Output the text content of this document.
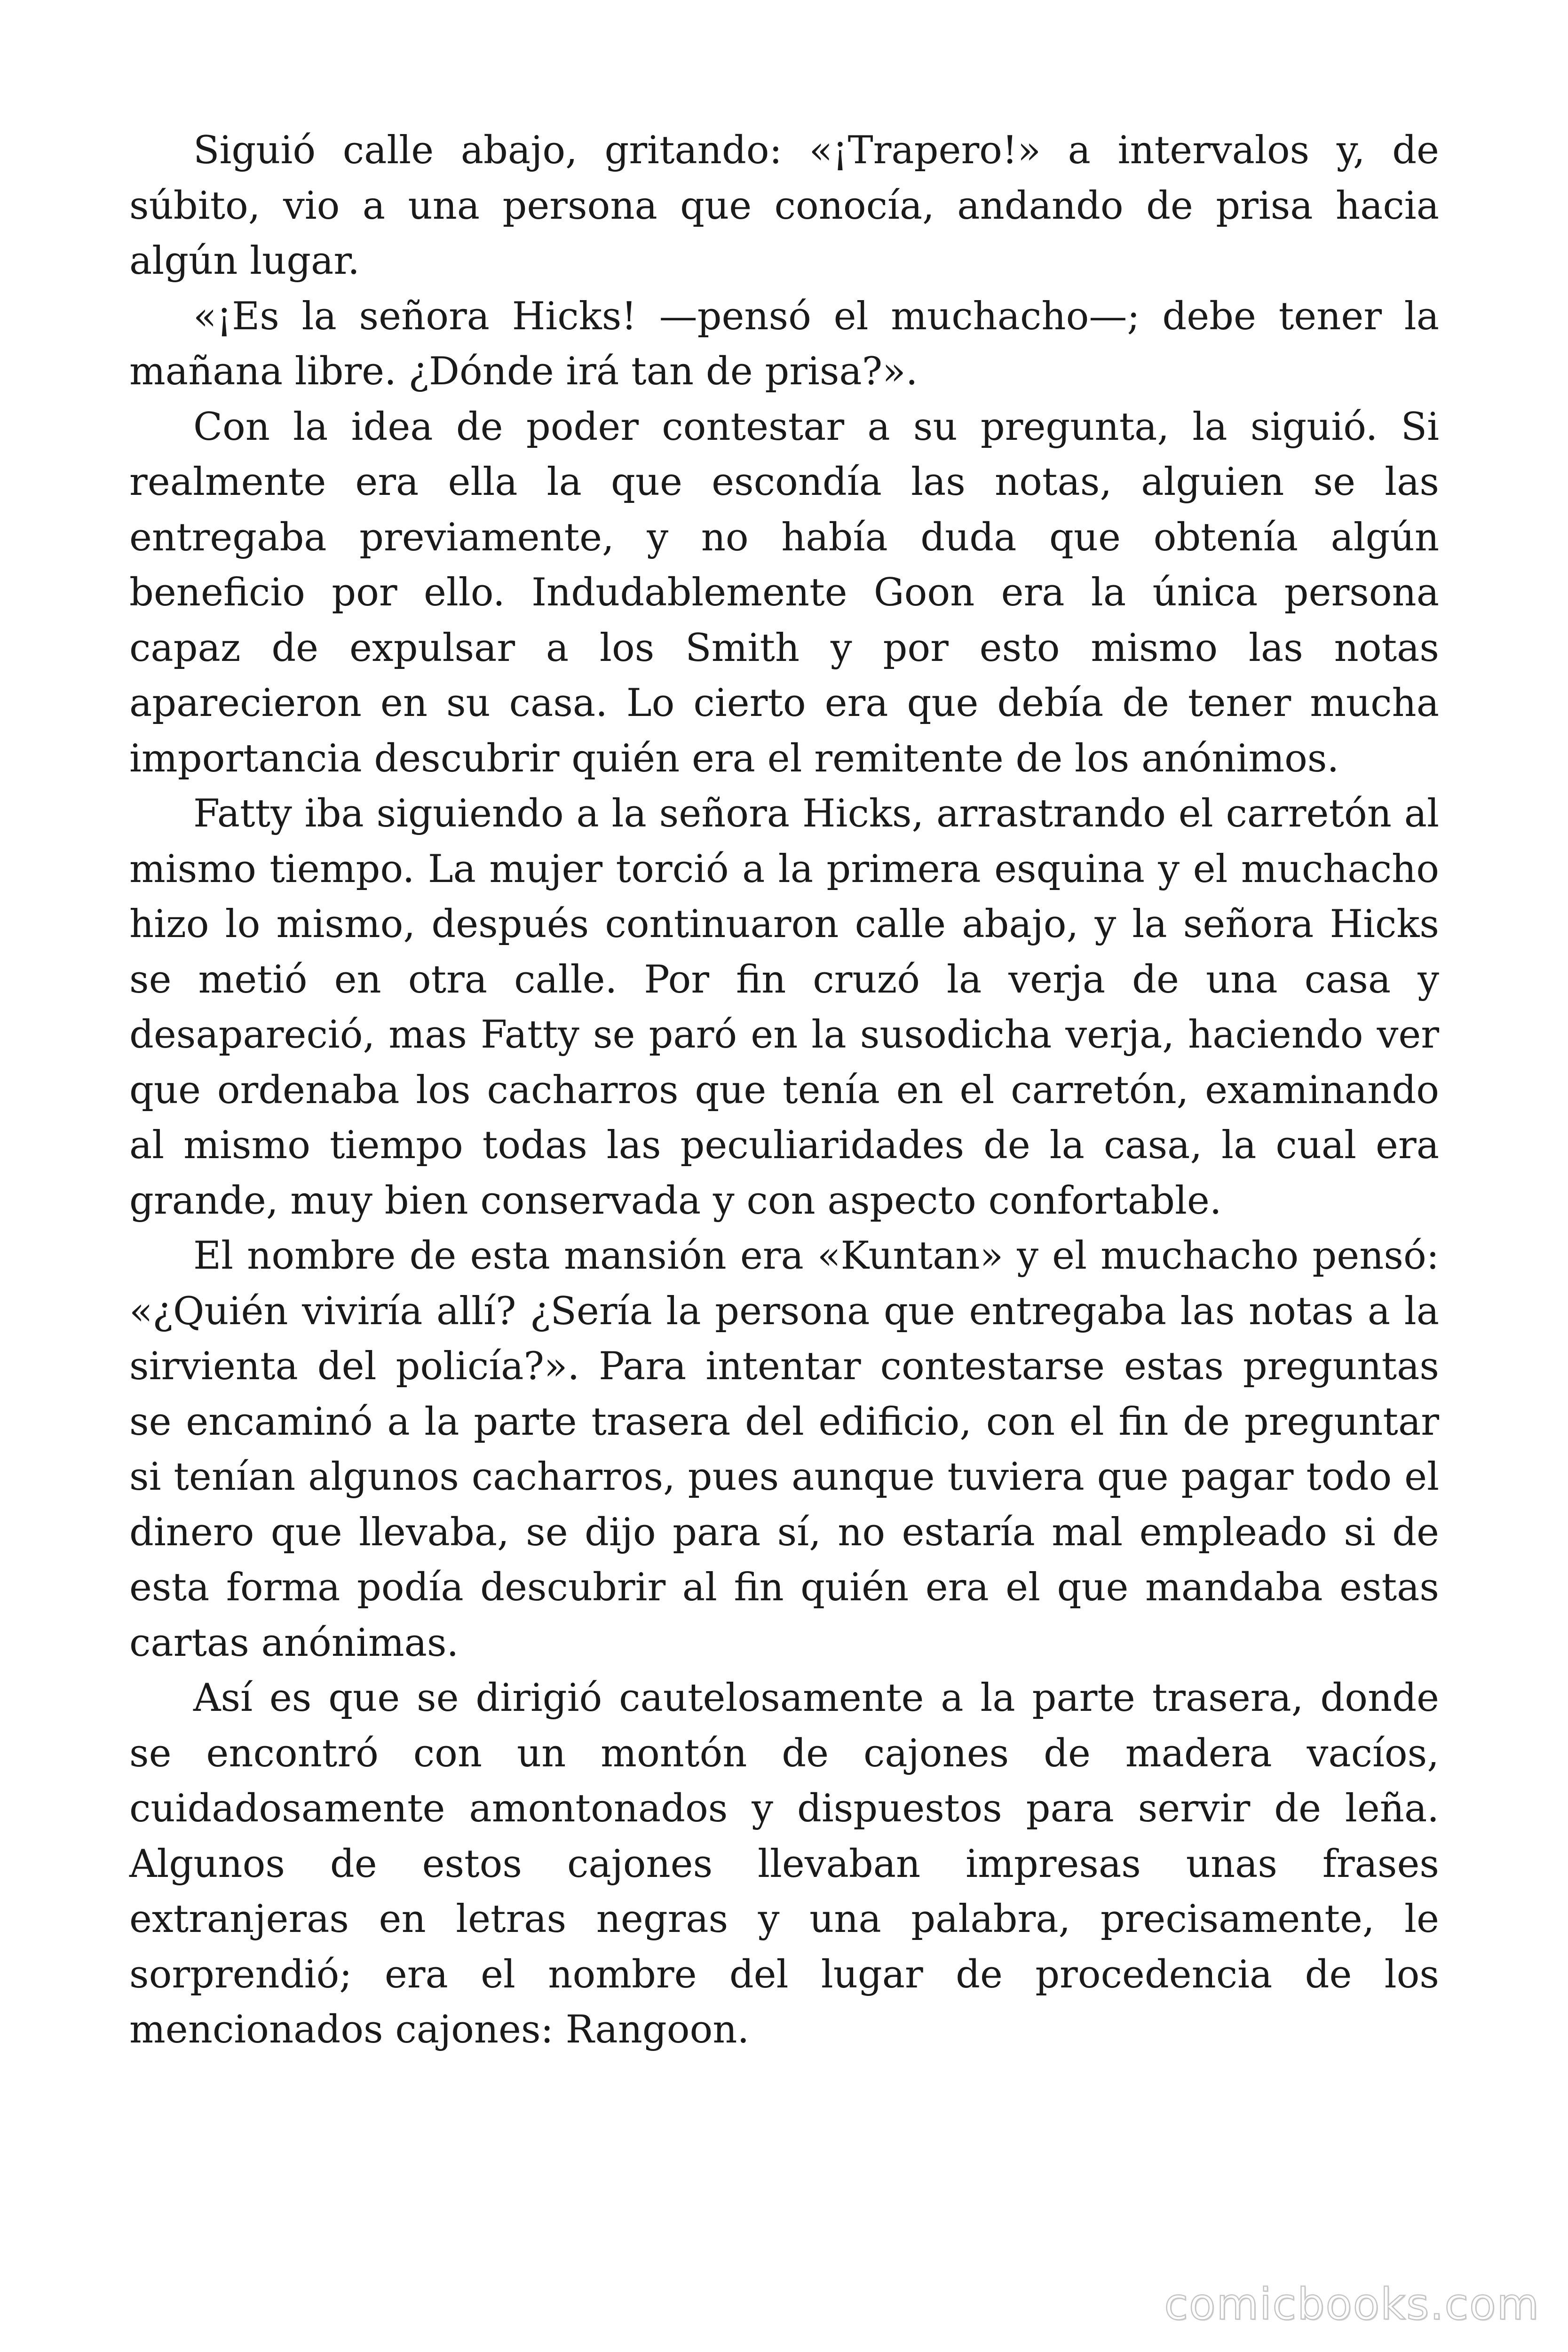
Siguió calle abajo, gritando: «¡Trapero!» a intervalos y, de súbito, vio a una persona que conocía, andando de prisa hacia algún lugar.

«¡Es la señora Hicks! —pensó el muchacho—; debe tener la mañana libre. ¿Dónde irá tan de prisa?».

Con la idea de poder contestar a su pregunta, la siguió. Si realmente era ella la que escondía las notas, alguien se las entregaba previamente, y no había duda que obtenía algún beneficio por ello. Indudablemente Goon era la única persona capaz de expulsar a los Smith y por esto mismo las notas aparecieron en su casa. Lo cierto era que debía de tener mucha importancia descubrir quién era el remitente de los anónimos.

Fatty iba siguiendo a la señora Hicks, arrastrando el carretón al mismo tiempo. La mujer torció a la primera esquina y el muchacho hizo lo mismo, después continuaron calle abajo, y la señora Hicks se metió en otra calle. Por fin cruzó la verja de una casa y desapareció, mas Fatty se paró en la susodicha verja, haciendo ver que ordenaba los cacharros que tenía en el carretón, examinando al mismo tiempo todas las peculiaridades de la casa, la cual era grande, muy bien conservada y con aspecto confortable.

El nombre de esta mansión era «Kuntan» y el muchacho pensó: «¿Quién viviría allí? ¿Sería la persona que entregaba las notas a la sirvienta del policía?». Para intentar contestarse estas preguntas se encaminó a la parte trasera del edificio, con el fin de preguntar si tenían algunos cacharros, pues aunque tuviera que pagar todo el dinero que llevaba, se dijo para sí, no estaría mal empleado si de esta forma podía descubrir al fin quién era el que mandaba estas cartas anónimas.

Así es que se dirigió cautelosamente a la parte trasera, donde se encontró con un montón de cajones de madera vacíos, cuidadosamente amontonados y dispuestos para servir de leña. Algunos de estos cajones llevaban impresas unas frases extranjeras en letras negras y una palabra, precisamente, le sorprendió; era el nombre del lugar de procedencia de los mencionados cajones: Rangoon.

comicbooks.com
